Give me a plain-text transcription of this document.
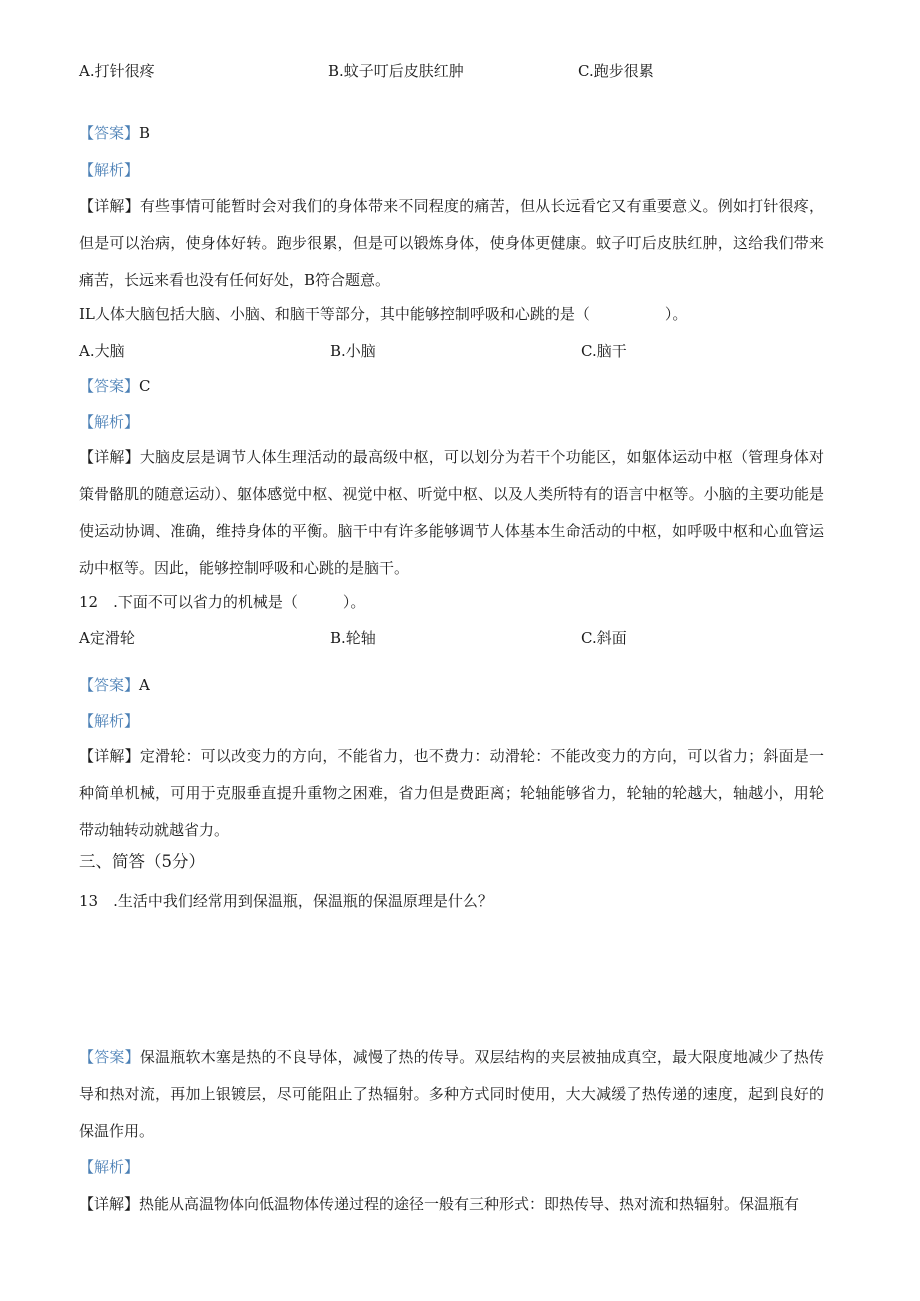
A.打针很疼	B.蚊子叮后皮肤红肿	C.跑步很累
【答案】B
【解析】
【详解】有些事情可能暂时会对我们的身体带来不同程度的痛苦，但从长远看它又有重要意义。例如打针很疼，但是可以治病，使身体好转。跑步很累，但是可以锻炼身体，使身体更健康。蚊子叮后皮肤红肿，这给我们带来痛苦，长远来看也没有任何好处，B符合题意。
IL人体大脑包括大脑、小脑、和脑干等部分，其中能够控制呼吸和心跳的是（　　　　　）。
A.大脑	B.小脑	C.脑干
【答案】C
【解析】
【详解】大脑皮层是调节人体生理活动的最高级中枢，可以划分为若干个功能区，如躯体运动中枢（管理身体对策骨骼肌的随意运动）、躯体感觉中枢、视觉中枢、听觉中枢、以及人类所特有的语言中枢等。小脑的主要功能是使运动协调、准确，维持身体的平衡。脑干中有许多能够调节人体基本生命活动的中枢，如呼吸中枢和心血管运动中枢等。因此，能够控制呼吸和心跳的是脑干。
12　.下面不可以省力的机械是（　　　）。
A定滑轮	B.轮轴	C.斜面
【答案】A
【解析】
【详解】定滑轮：可以改变力的方向，不能省力，也不费力：动滑轮：不能改变力的方向，可以省力；斜面是一种简单机械，可用于克服垂直提升重物之困难，省力但是费距离；轮轴能够省力，轮轴的轮越大，轴越小，用轮带动轴转动就越省力。
三、简答（5分）
13　.生活中我们经常用到保温瓶，保温瓶的保温原理是什么？
【答案】保温瓶软木塞是热的不良导体，减慢了热的传导。双层结构的夹层被抽成真空，最大限度地减少了热传导和热对流，再加上银镀层，尽可能阻止了热辐射。多种方式同时使用，大大减缓了热传递的速度，起到良好的保温作用。
【解析】
【详解】热能从高温物体向低温物体传递过程的途径一般有三种形式：即热传导、热对流和热辐射。保温瓶有
